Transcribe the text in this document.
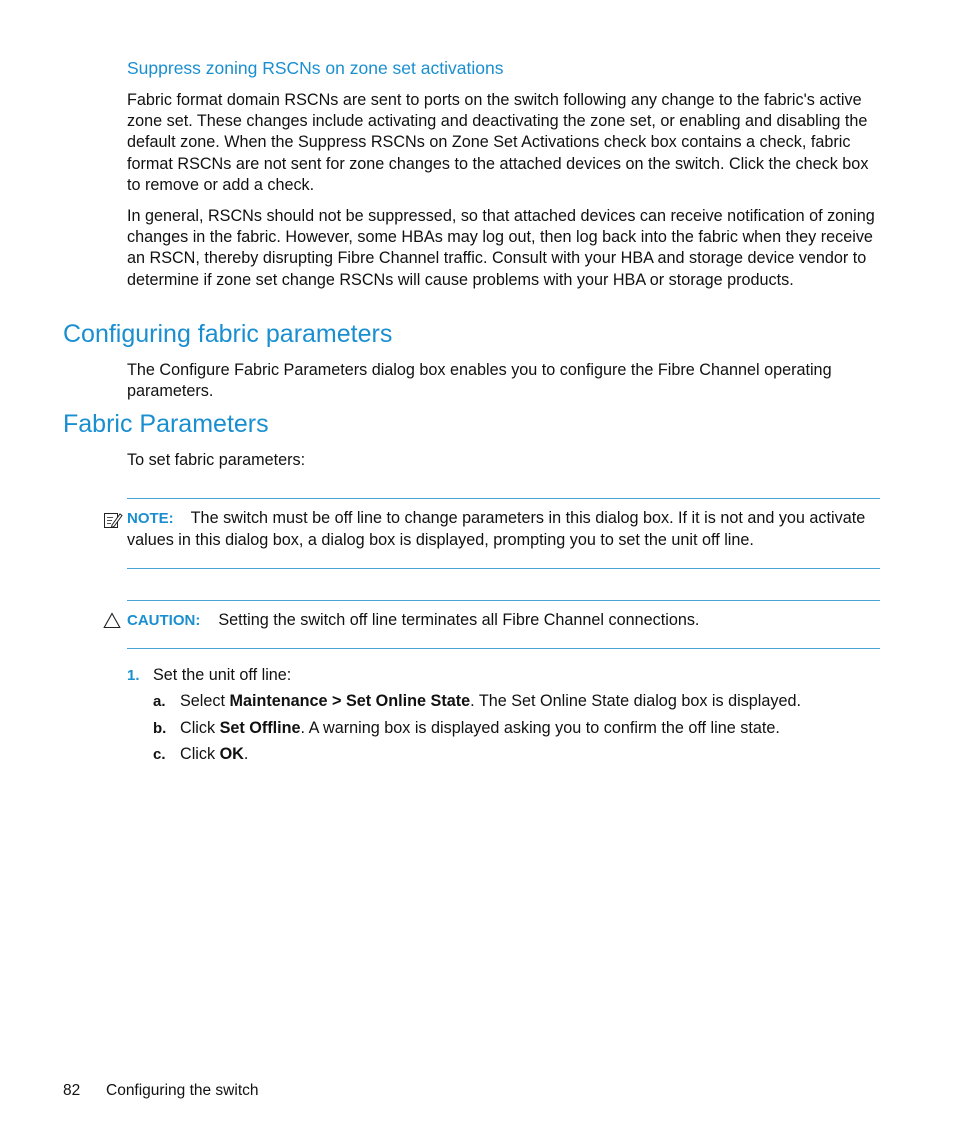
Suppress zoning RSCNs on zone set activations
Fabric format domain RSCNs are sent to ports on the switch following any change to the fabric's active zone set. These changes include activating and deactivating the zone set, or enabling and disabling the default zone. When the Suppress RSCNs on Zone Set Activations check box contains a check, fabric format RSCNs are not sent for zone changes to the attached devices on the switch. Click the check box to remove or add a check.
In general, RSCNs should not be suppressed, so that attached devices can receive notification of zoning changes in the fabric. However, some HBAs may log out, then log back into the fabric when they receive an RSCN, thereby disrupting Fibre Channel traffic. Consult with your HBA and storage device vendor to determine if zone set change RSCNs will cause problems with your HBA or storage products.
Configuring fabric parameters
The Configure Fabric Parameters dialog box enables you to configure the Fibre Channel operating parameters.
Fabric Parameters
To set fabric parameters:
NOTE: The switch must be off line to change parameters in this dialog box. If it is not and you activate values in this dialog box, a dialog box is displayed, prompting you to set the unit off line.
CAUTION: Setting the switch off line terminates all Fibre Channel connections.
1. Set the unit off line:
a. Select Maintenance > Set Online State. The Set Online State dialog box is displayed.
b. Click Set Offline. A warning box is displayed asking you to confirm the off line state.
c. Click OK.
82 Configuring the switch
